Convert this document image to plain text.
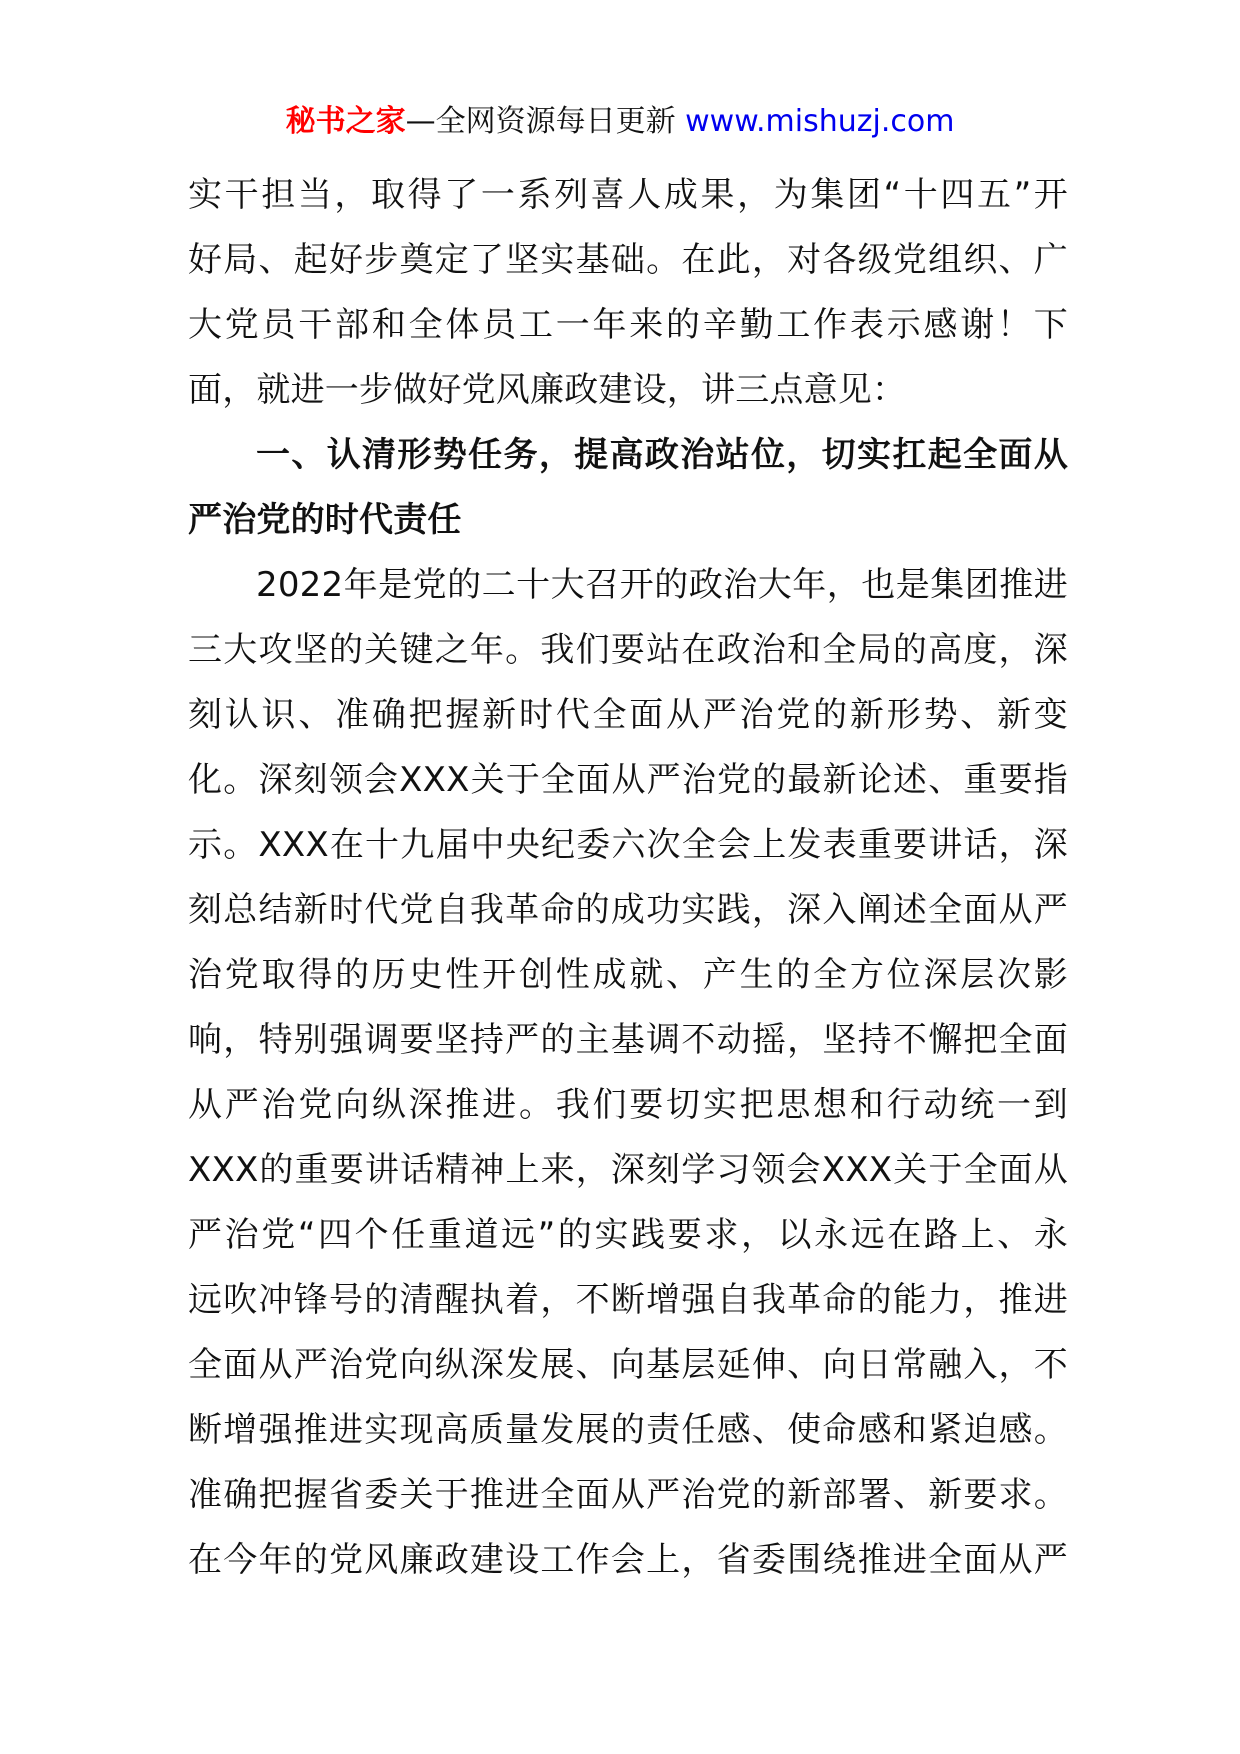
秘书之家—全网资源每日更新 www.mishuzj.com
实干担当，取得了一系列喜人成果，为集团“十四五”开
好局、起好步奠定了坚实基础。在此，对各级党组织、广
大党员干部和全体员工一年来的辛勤工作表示感谢！下
面，就进一步做好党风廉政建设，讲三点意见：
一、认清形势任务，提高政治站位，切实扛起全面从
严治党的时代责任
2022年是党的二十大召开的政治大年，也是集团推进
三大攻坚的关键之年。我们要站在政治和全局的高度，深
刻认识、准确把握新时代全面从严治党的新形势、新变
化。深刻领会XXX关于全面从严治党的最新论述、重要指
示。XXX在十九届中央纪委六次全会上发表重要讲话，深
刻总结新时代党自我革命的成功实践，深入阐述全面从严
治党取得的历史性开创性成就、产生的全方位深层次影
响，特别强调要坚持严的主基调不动摇，坚持不懈把全面
从严治党向纵深推进。我们要切实把思想和行动统一到
XXX的重要讲话精神上来，深刻学习领会XXX关于全面从
严治党“四个任重道远”的实践要求，以永远在路上、永
远吹冲锋号的清醒执着，不断增强自我革命的能力，推进
全面从严治党向纵深发展、向基层延伸、向日常融入，不
断增强推进实现高质量发展的责任感、使命感和紧迫感。
准确把握省委关于推进全面从严治党的新部署、新要求。
在今年的党风廉政建设工作会上，省委围绕推进全面从严
